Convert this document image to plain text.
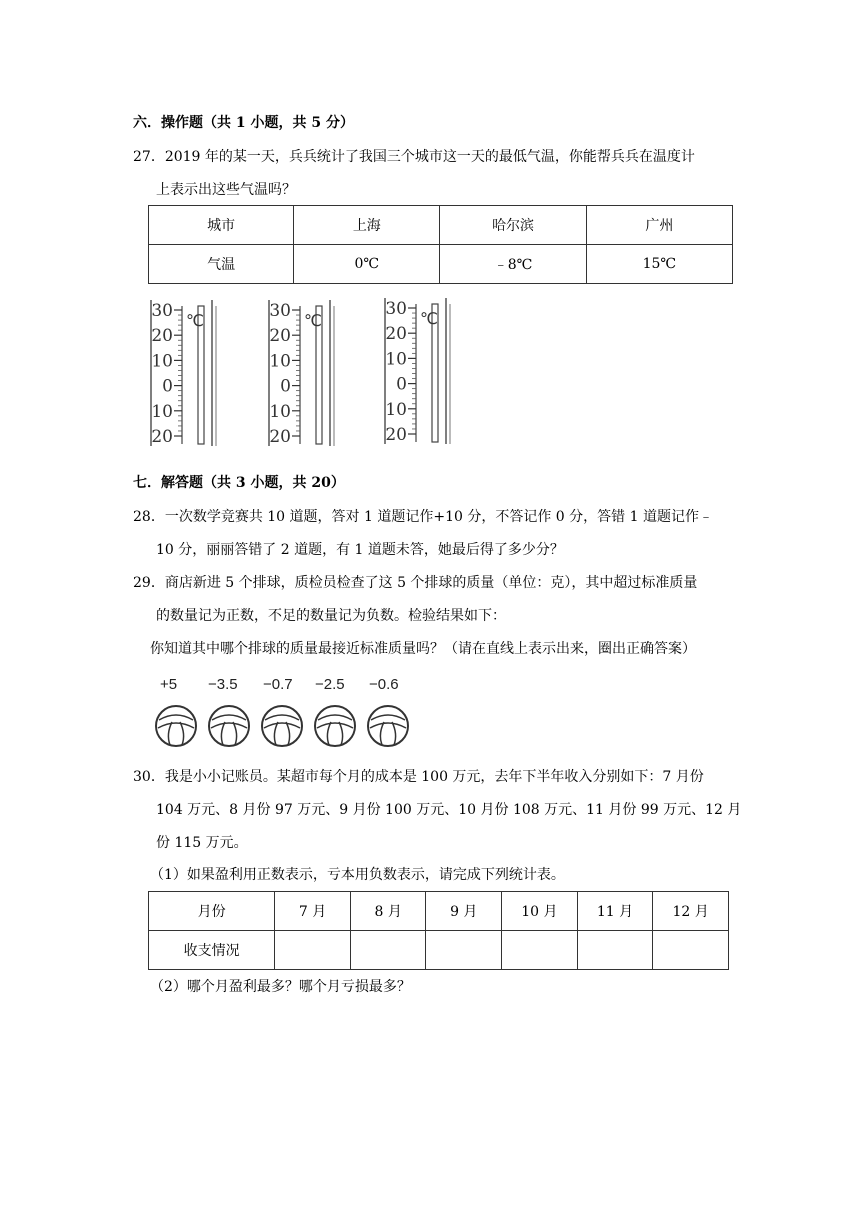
六．操作题（共 1 小题，共 5 分）
27．2019 年的某一天，兵兵统计了我国三个城市这一天的最低气温，你能帮兵兵在温度计
上表示出这些气温吗？
城市	上海	哈尔滨	广州
气温	0℃	﹣8℃	15℃
30
20
10
0
10
20
℃	30
20
10
0
10
20
℃
30
20
10
0
10
20
℃
七．解答题（共 3 小题，共 20）
28．一次数学竞赛共 10 道题，答对 1 道题记作+10 分，不答记作 0 分，答错 1 道题记作﹣
10 分，丽丽答错了 2 道题，有 1 道题未答，她最后得了多少分？
29．商店新进 5 个排球，质检员检查了这 5 个排球的质量（单位：克），其中超过标准质量
的数量记为正数，不足的数量记为负数。检验结果如下：
你知道其中哪个排球的质量最接近标准质量吗？（请在直线上表示出来，圈出正确答案）
+5 −3.5 −0.7 −2.5 −0.6
30．我是小小记账员。某超市每个月的成本是 100 万元，去年下半年收入分别如下：7 月份
104 万元、8 月份 97 万元、9 月份 100 万元、10 月份 108 万元、11 月份 99 万元、12 月
份 115 万元。
（1）如果盈利用正数表示，亏本用负数表示，请完成下列统计表。
月份	7 月	8 月	9 月	10 月	11 月	12 月
收支情况						
（2）哪个月盈利最多？哪个月亏损最多？
